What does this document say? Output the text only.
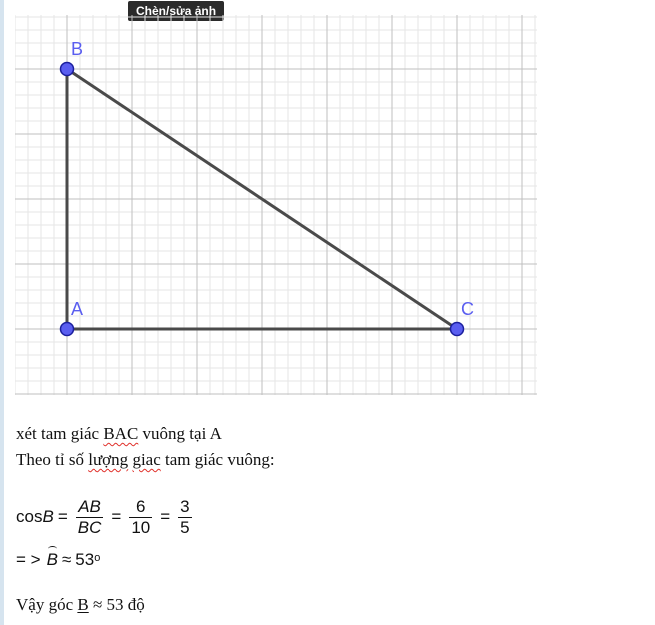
Chèn/sửa ảnh
B
A	C
xét tam giác BAC vuông tại A
Theo tỉ số lượng giac tam giác vuông:
$\cos B = \frac{AB}{BC} = \frac{6}{10} = \frac{3}{5}$
= > $B \approx 53^o$
Vậy góc B ≈ 53 độ
